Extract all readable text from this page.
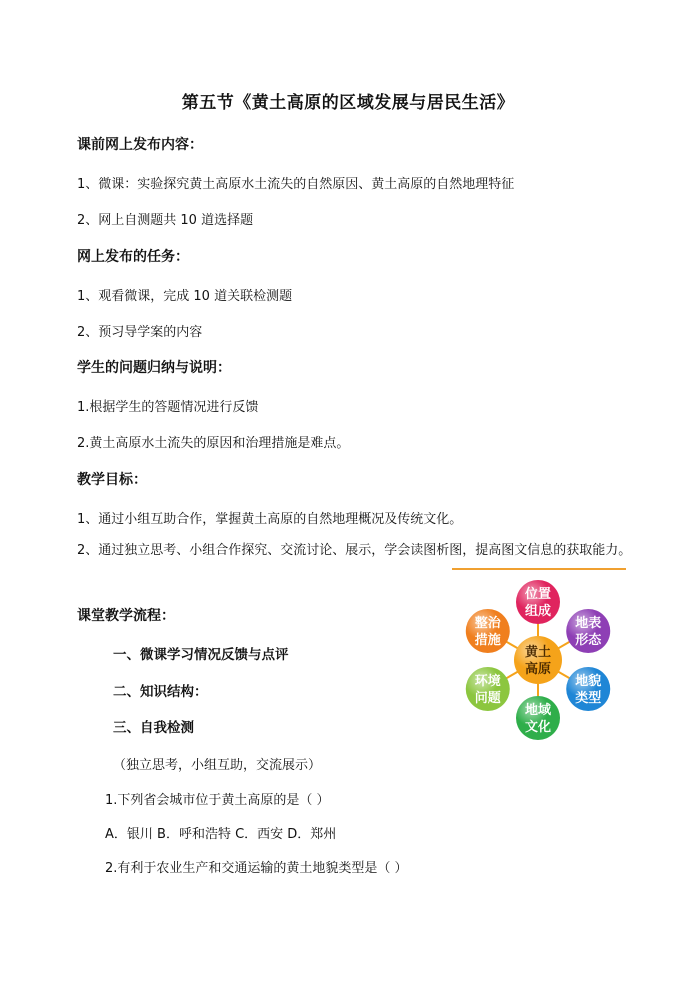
第五节《黄土高原的区域发展与居民生活》
课前网上发布内容：
1、微课：实验探究黄土高原水土流失的自然原因、黄土高原的自然地理特征
2、网上自测题共 10 道选择题
网上发布的任务：
1、观看微课，完成 10 道关联检测题
2、预习导学案的内容
学生的问题归纳与说明：
1.根据学生的答题情况进行反馈
2.黄土高原水土流失的原因和治理措施是难点。
教学目标：
1、通过小组互助合作，掌握黄土高原的自然地理概况及传统文化。
2、通过独立思考、小组合作探究、交流讨论、展示，学会读图析图，提高图文信息的获取能力。
课堂教学流程：
一、微课学习情况反馈与点评
二、知识结构：
三、自我检测
（独立思考，小组互助，交流展示）
1.下列省会城市位于黄土高原的是（ ）
A．银川 B．呼和浩特 C．西安 D．郑州
2.有利于农业生产和交通运输的黄土地貌类型是（ ）
位置
组成
地表
形态
地貌
类型
地域
文化
环境
问题
整治
措施
黄土
高原
